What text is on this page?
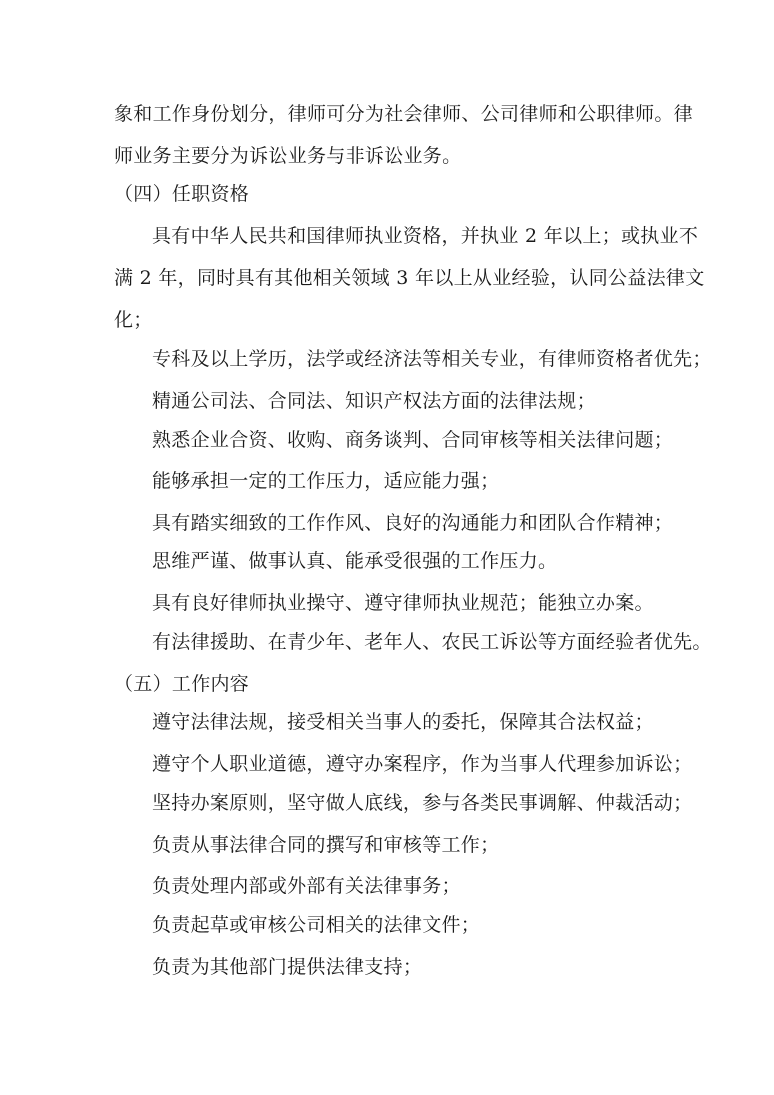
象和工作身份划分，律师可分为社会律师、公司律师和公职律师。律
师业务主要分为诉讼业务与非诉讼业务。
（四）任职资格
具有中华人民共和国律师执业资格，并执业 2 年以上；或执业不
满 2 年，同时具有其他相关领域 3 年以上从业经验，认同公益法律文
化；
专科及以上学历，法学或经济法等相关专业，有律师资格者优先；
精通公司法、合同法、知识产权法方面的法律法规；
熟悉企业合资、收购、商务谈判、合同审核等相关法律问题；
能够承担一定的工作压力，适应能力强；
具有踏实细致的工作作风、良好的沟通能力和团队合作精神；
思维严谨、做事认真、能承受很强的工作压力。
具有良好律师执业操守、遵守律师执业规范；能独立办案。
有法律援助、在青少年、老年人、农民工诉讼等方面经验者优先。
（五）工作内容
遵守法律法规，接受相关当事人的委托，保障其合法权益；
遵守个人职业道德，遵守办案程序，作为当事人代理参加诉讼；
坚持办案原则，坚守做人底线，参与各类民事调解、仲裁活动；
负责从事法律合同的撰写和审核等工作；
负责处理内部或外部有关法律事务；
负责起草或审核公司相关的法律文件；
负责为其他部门提供法律支持；
